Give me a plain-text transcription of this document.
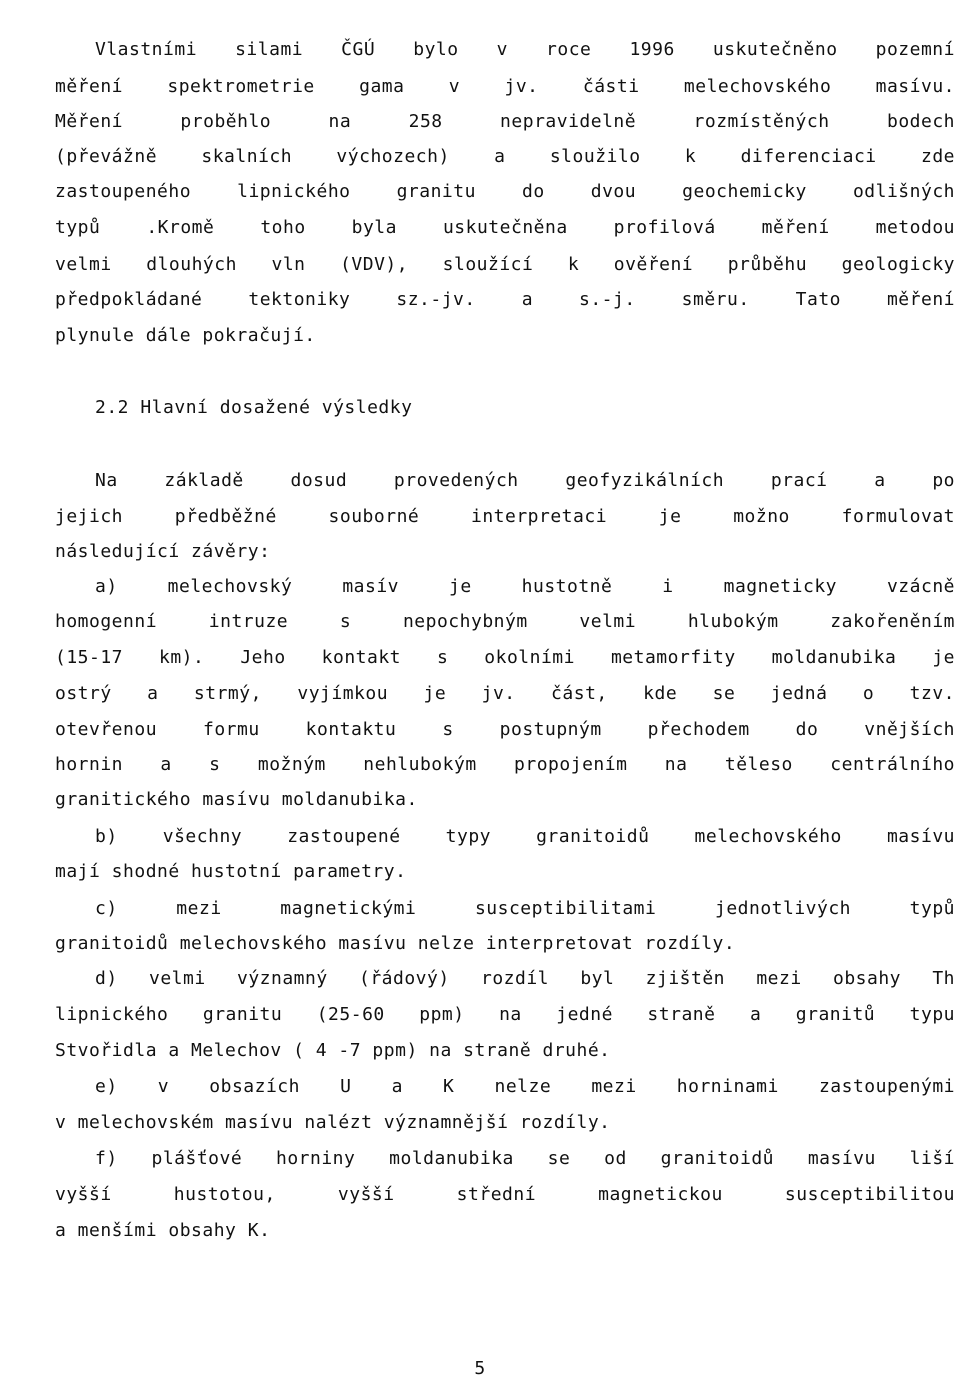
Vlastními silami ČGÚ bylo v roce 1996 uskutečněno pozemní

měření spektrometrie gama v jv. části melechovského masívu.

Měření proběhlo na 258 nepravidelně rozmístěných bodech

(převážně skalních výchozech) a sloužilo k diferenciaci zde

zastoupeného lipnického granitu do dvou geochemicky odlišných

typů .Kromě toho byla uskutečněna profilová měření metodou

velmi dlouhých vln (VDV), sloužící k ověření průběhu geologicky

předpokládané tektoniky sz.-jv. a s.-j. směru. Tato měření

plynule dále pokračují.

2.2 Hlavní dosažené výsledky

Na základě dosud provedených geofyzikálních prací a po

jejich předběžné souborné interpretaci je možno formulovat

následující závěry:

a) melechovský masív je hustotně i magneticky vzácně

homogenní intruze s nepochybným velmi hlubokým zakořeněním

(15-17 km). Jeho kontakt s okolními metamorfity moldanubika je

ostrý a strmý, vyjímkou je jv. část, kde se jedná o tzv.

otevřenou formu kontaktu s postupným přechodem do vnějších

hornin a s možným nehlubokým propojením na těleso centrálního

granitického masívu moldanubika.

b) všechny zastoupené typy granitoidů melechovského masívu

mají shodné hustotní parametry.

c) mezi magnetickými susceptibilitami jednotlivých typů

granitoidů melechovského masívu nelze interpretovat rozdíly.

d) velmi významný (řádový) rozdíl byl zjištěn mezi obsahy Th

lipnického granitu (25-60 ppm) na jedné straně a granitů typu

Stvořidla a Melechov ( 4 -7 ppm) na straně druhé.

e) v obsazích U a K nelze mezi horninami zastoupenými

v melechovském masívu nalézt významnější rozdíly.

f) plášťové horniny moldanubika se od granitoidů masívu liší

vyšší hustotou, vyšší střední magnetickou susceptibilitou

a menšími obsahy K.

5
